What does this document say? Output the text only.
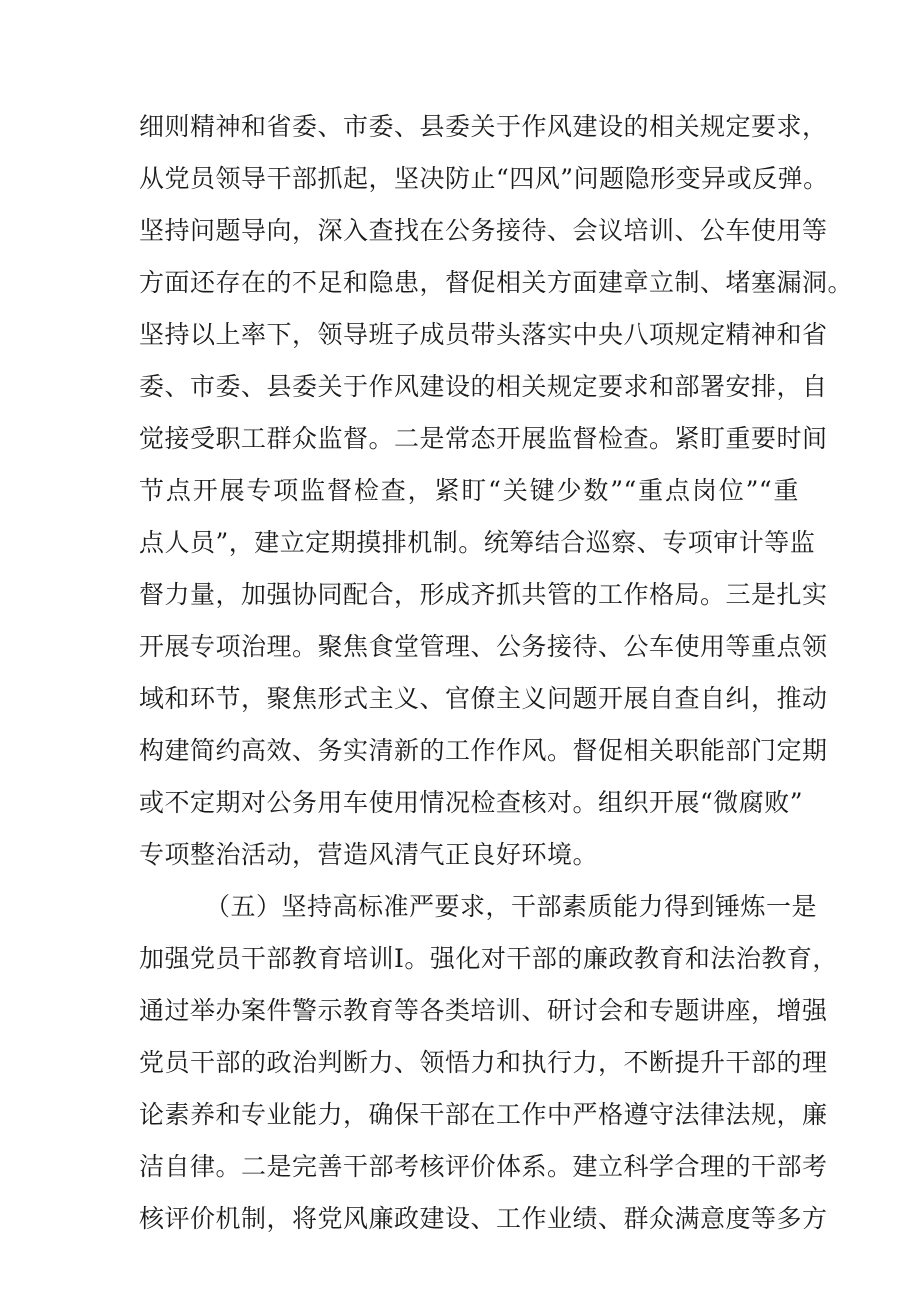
细则精神和省委、市委、县委关于作风建设的相关规定要求，
从党员领导干部抓起，坚决防止“四风”问题隐形变异或反弹。
坚持问题导向，深入查找在公务接待、会议培训、公车使用等
方面还存在的不足和隐患，督促相关方面建章立制、堵塞漏洞。
坚持以上率下，领导班子成员带头落实中央八项规定精神和省
委、市委、县委关于作风建设的相关规定要求和部署安排，自
觉接受职工群众监督。二是常态开展监督检查。紧盯重要时间
节点开展专项监督检查，紧盯“关键少数”“重点岗位”“重
点人员”，建立定期摸排机制。统筹结合巡察、专项审计等监
督力量，加强协同配合，形成齐抓共管的工作格局。三是扎实
开展专项治理。聚焦食堂管理、公务接待、公车使用等重点领
域和环节，聚焦形式主义、官僚主义问题开展自查自纠，推动
构建简约高效、务实清新的工作作风。督促相关职能部门定期
或不定期对公务用车使用情况检查核对。组织开展“微腐败”
专项整治活动，营造风清气正良好环境。
（五）坚持高标准严要求，干部素质能力得到锤炼一是
加强党员干部教育培训I。强化对干部的廉政教育和法治教育，
通过举办案件警示教育等各类培训、研讨会和专题讲座，增强
党员干部的政治判断力、领悟力和执行力，不断提升干部的理
论素养和专业能力，确保干部在工作中严格遵守法律法规，廉
洁自律。二是完善干部考核评价体系。建立科学合理的干部考
核评价机制，将党风廉政建设、工作业绩、群众满意度等多方
